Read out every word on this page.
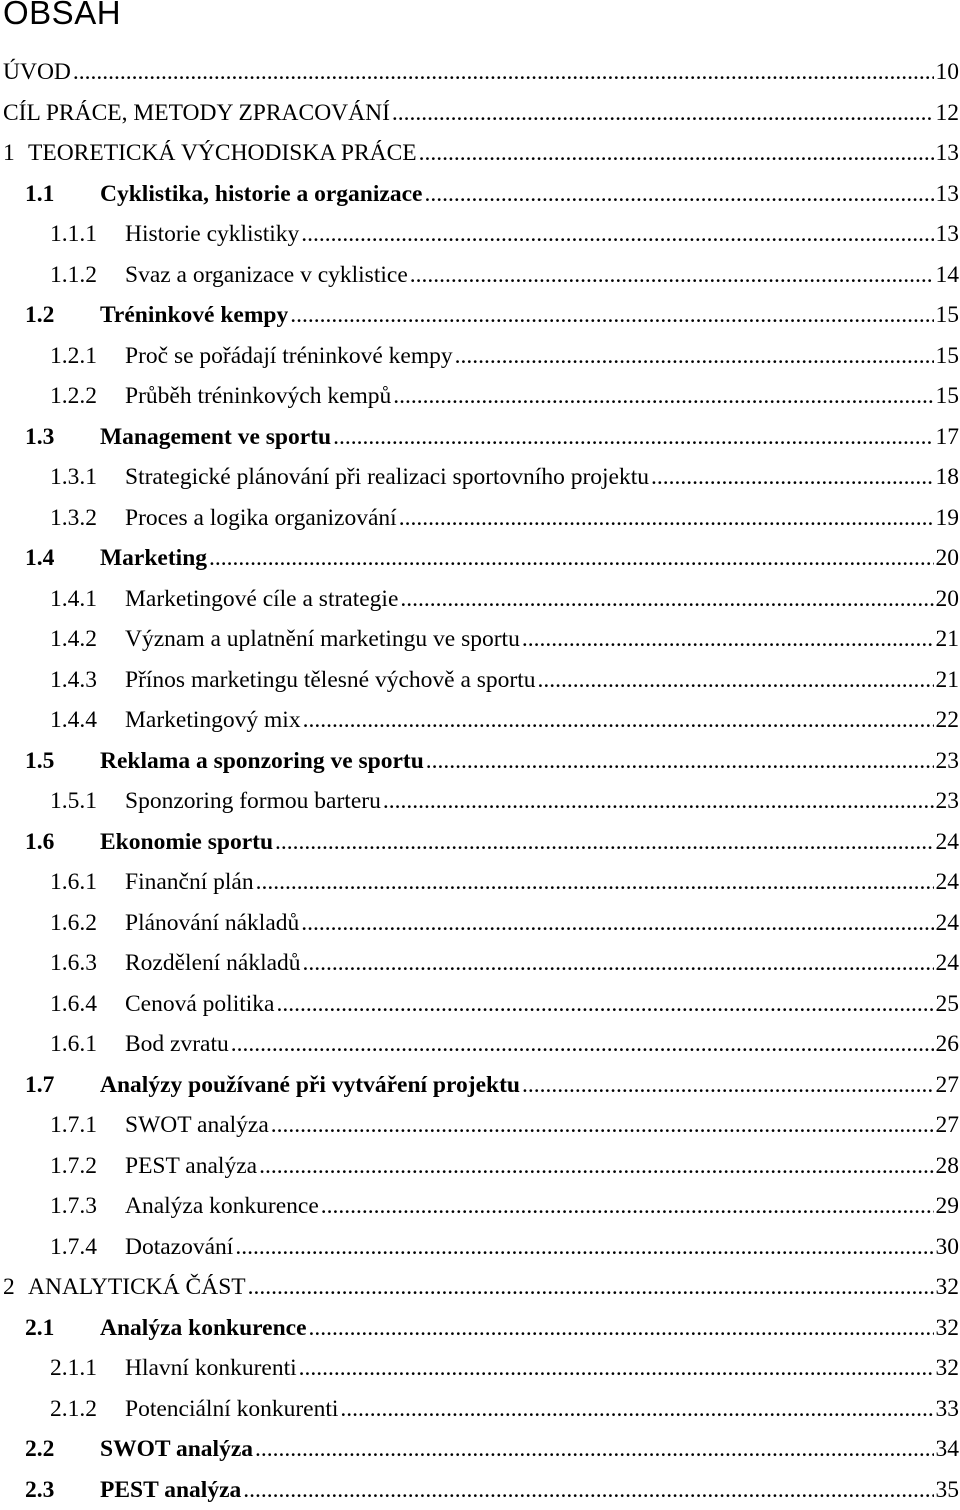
OBSAH
ÚVOD .....	10
CÍL PRÁCE, METODY ZPRACOVÁNÍ .....	12
1 TEORETICKÁ VÝCHODISKA PRÁCE .....	13
1.1	Cyklistika, historie a organizace .....	13
1.1.1	Historie cyklistiky .....	13
1.1.2	Svaz a organizace v cyklistice .....	14
1.2	Tréninkové kempy .....	15
1.2.1	Proč se pořádají tréninkové kempy .....	15
1.2.2	Průběh tréninkových kempů .....	15
1.3	Management ve sportu .....	17
1.3.1	Strategické plánování při realizaci sportovního projektu .....	18
1.3.2	Proces a logika organizování .....	19
1.4	Marketing .....	20
1.4.1	Marketingové cíle a strategie .....	20
1.4.2	Význam a uplatnění marketingu ve sportu .....	21
1.4.3	Přínos marketingu tělesné výchově a sportu .....	21
1.4.4	Marketingový mix .....	22
1.5	Reklama a sponzoring ve sportu .....	23
1.5.1	Sponzoring formou barteru .....	23
1.6	Ekonomie sportu .....	24
1.6.1	Finanční plán .....	24
1.6.2	Plánování nákladů .....	24
1.6.3	Rozdělení nákladů .....	24
1.6.4	Cenová politika .....	25
1.6.1	Bod zvratu .....	26
1.7	Analýzy používané při vytváření projektu .....	27
1.7.1	SWOT analýza .....	27
1.7.2	PEST analýza .....	28
1.7.3	Analýza konkurence .....	29
1.7.4	Dotazování .....	30
2 ANALYTICKÁ ČÁST .....	32
2.1	Analýza konkurence .....	32
2.1.1	Hlavní konkurenti .....	32
2.1.2	Potenciální konkurenti .....	33
2.2	SWOT analýza .....	34
2.3	PEST analýza .....	35
